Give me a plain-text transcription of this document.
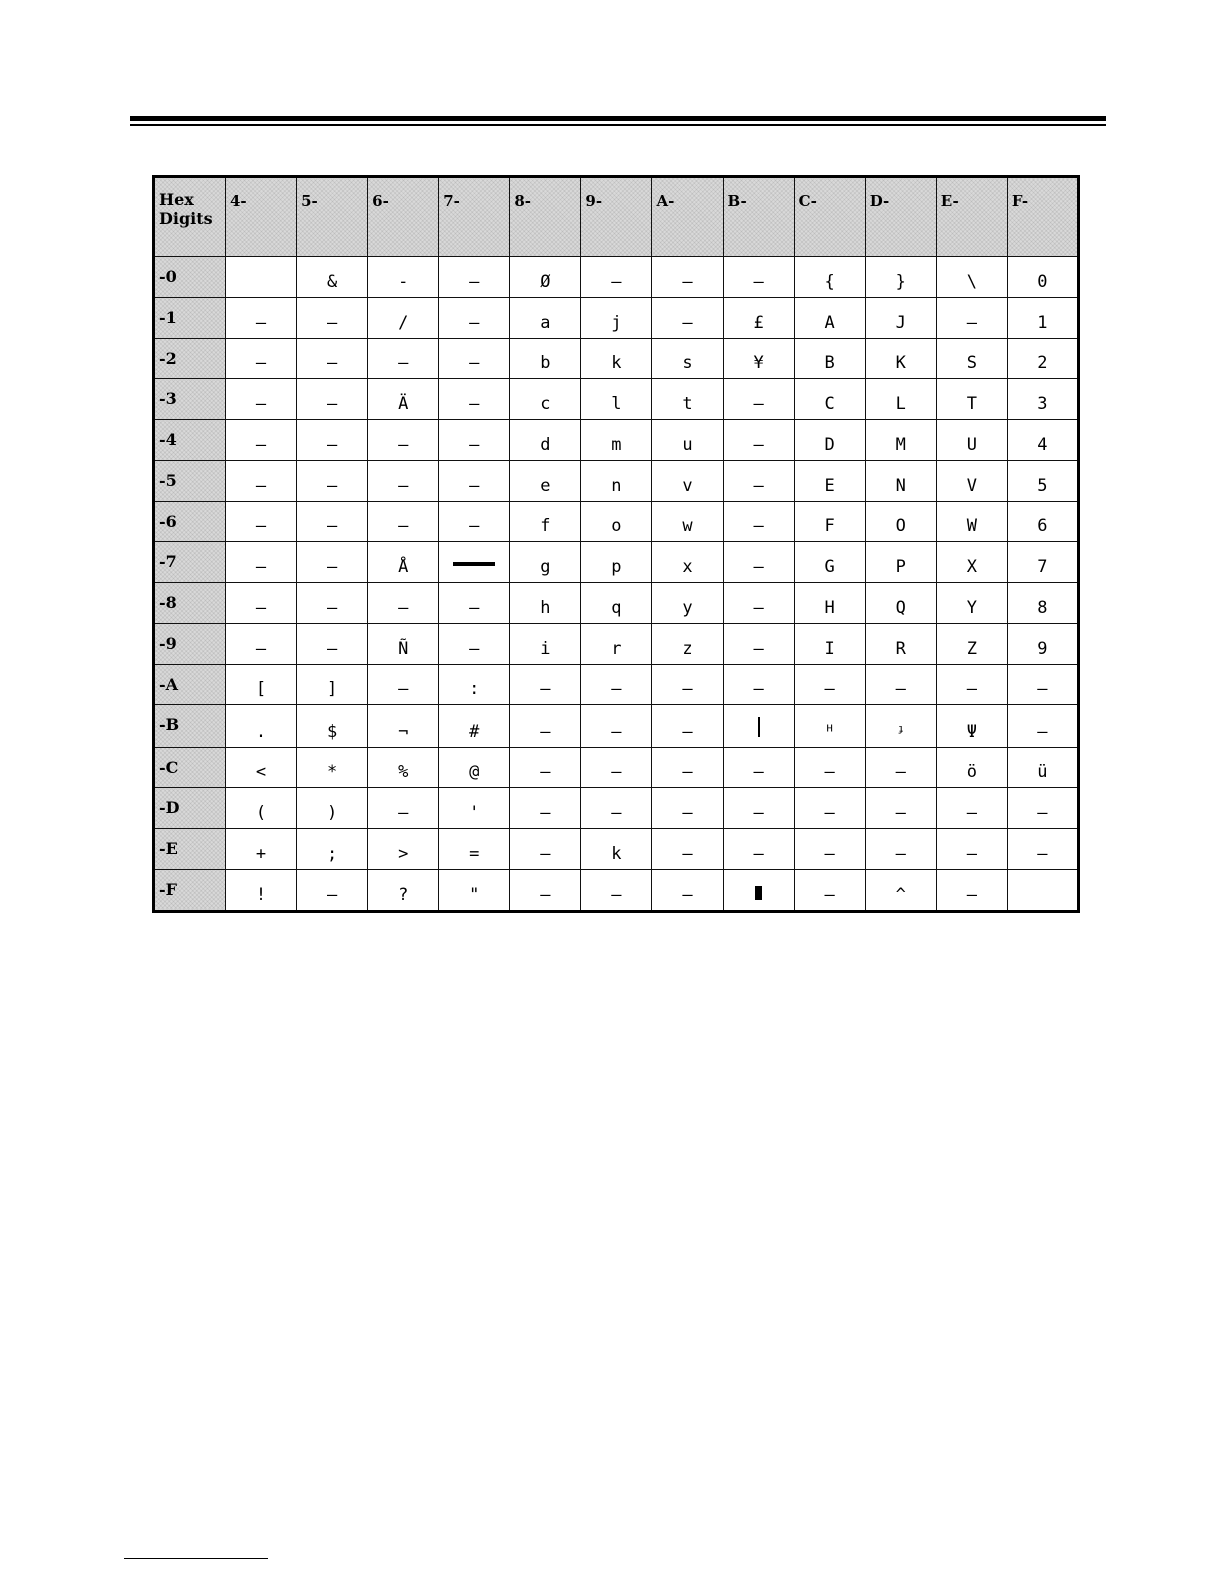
Hex
Digits	4-	5-	6-	7-	8-	9-	A-	B-	C-	D-	E-	F-
-0		&	-	–	Ø	–	–	–	{	}	\	0
-1	–	–	/	–	a	j	–	£	A	J	–	1
-2	–	–	–	–	b	k	s	¥	B	K	S	2
-3	–	–	Ä	–	c	l	t	–	C	L	T	3
-4	–	–	–	–	d	m	u	–	D	M	U	4
-5	–	–	–	–	e	n	v	–	E	N	V	5
-6	–	–	–	–	f	o	w	–	F	O	W	6
-7	–	–	Å		g	p	x	–	G	P	X	7
-8	–	–	–	–	h	q	y	–	H	Q	Y	8
-9	–	–	Ñ	–	i	r	z	–	I	R	Z	9
-A	[	]	–	:	–	–	–	–	–	–	–	–
-B	.	$	¬	#	–	–	–		ᴴ	ᶡ	Ψ	–
-C	<	*	%	@	–	–	–	–	–	–	ö	ü
-D	(	)	–	'	–	–	–	–	–	–	–	–
-E	+	;	>	=	–	k	–	–	–	–	–	–
-F	!	–	?	"	–	–	–		–	^	–	
